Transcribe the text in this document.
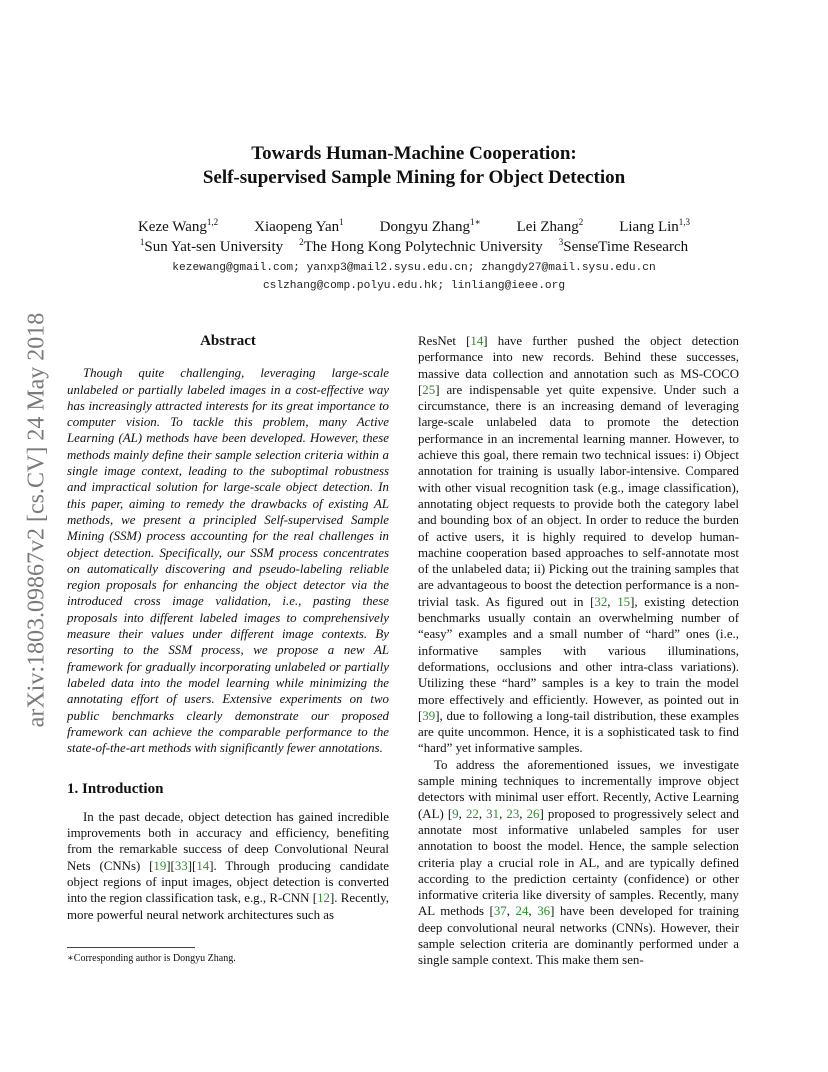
arXiv:1803.09867v2 [cs.CV] 24 May 2018
Towards Human-Machine Cooperation:
Self-supervised Sample Mining for Object Detection
Keze Wang$^{1,2}$ Xiaopeng Yan$^1$ Dongyu Zhang$^{1∗}$ Lei Zhang$^2$ Liang Lin$^{1,3}$
$^1$Sun Yat-sen University $^2$The Hong Kong Polytechnic University $^3$SenseTime Research
kezewang@gmail.com; yanxp3@mail2.sysu.edu.cn; zhangdy27@mail.sysu.edu.cn
cslzhang@comp.polyu.edu.hk; linliang@ieee.org
Abstract

Though quite challenging, leveraging large-scale unlabeled or partially labeled images in a cost-effective way has increasingly attracted interests for its great importance to computer vision. To tackle this problem, many Active Learning (AL) methods have been developed. However, these methods mainly define their sample selection criteria within a single image context, leading to the suboptimal robustness and impractical solution for large-scale object detection. In this paper, aiming to remedy the drawbacks of existing AL methods, we present a principled Self-supervised Sample Mining (SSM) process accounting for the real challenges in object detection. Specifically, our SSM process concentrates on automatically discovering and pseudo-labeling reliable region proposals for enhancing the object detector via the introduced cross image validation, i.e., pasting these proposals into different labeled images to comprehensively measure their values under different image contexts. By resorting to the SSM process, we propose a new AL framework for gradually incorporating unlabeled or partially labeled data into the model learning while minimizing the annotating effort of users. Extensive experiments on two public benchmarks clearly demonstrate our proposed framework can achieve the comparable performance to the state-of-the-art methods with significantly fewer annotations.

1. Introduction

In the past decade, object detection has gained incredible improvements both in accuracy and efficiency, benefiting from the remarkable success of deep Convolutional Neural Nets (CNNs) [19][33][14]. Through producing candidate object regions of input images, object detection is converted into the region classification task, e.g., R-CNN [12]. Recently, more powerful neural network architectures such as

∗Corresponding author is Dongyu Zhang.

ResNet [14] have further pushed the object detection performance into new records. Behind these successes, massive data collection and annotation such as MS-COCO [25] are indispensable yet quite expensive. Under such a circumstance, there is an increasing demand of leveraging large-scale unlabeled data to promote the detection performance in an incremental learning manner. However, to achieve this goal, there remain two technical issues: i) Object annotation for training is usually labor-intensive. Compared with other visual recognition task (e.g., image classification), annotating object requests to provide both the category label and bounding box of an object. In order to reduce the burden of active users, it is highly required to develop human-machine cooperation based approaches to self-annotate most of the unlabeled data; ii) Picking out the training samples that are advantageous to boost the detection performance is a non-trivial task. As figured out in [32, 15], existing detection benchmarks usually contain an overwhelming number of “easy” examples and a small number of “hard” ones (i.e., informative samples with various illuminations, deformations, occlusions and other intra-class variations). Utilizing these “hard” samples is a key to train the model more effectively and efficiently. However, as pointed out in [39], due to following a long-tail distribution, these examples are quite uncommon. Hence, it is a sophisticated task to find “hard” yet informative samples.

To address the aforementioned issues, we investigate sample mining techniques to incrementally improve object detectors with minimal user effort. Recently, Active Learning (AL) [9, 22, 31, 23, 26] proposed to progressively select and annotate most informative unlabeled samples for user annotation to boost the model. Hence, the sample selection criteria play a crucial role in AL, and are typically defined according to the prediction certainty (confidence) or other informative criteria like diversity of samples. Recently, many AL methods [37, 24, 36] have been developed for training deep convolutional neural networks (CNNs). However, their sample selection criteria are dominantly performed under a single sample context. This make them sen-
